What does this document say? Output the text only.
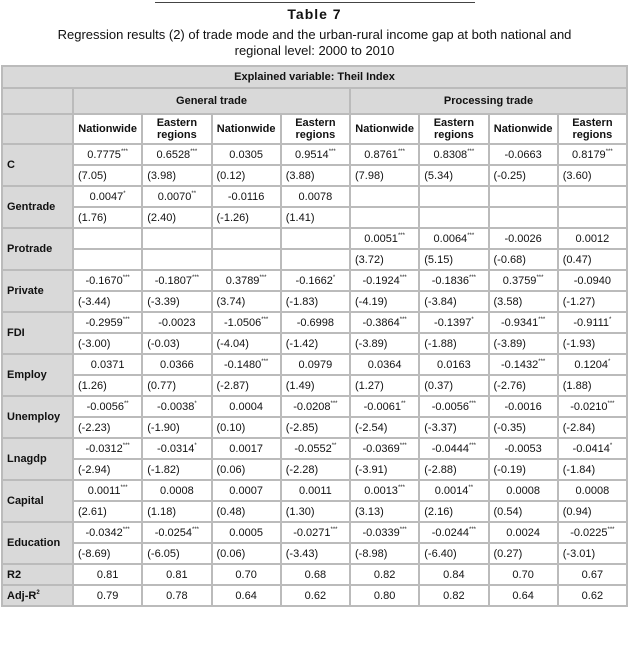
Table 7
Regression results (2) of trade mode and the urban-rural income gap at both national and regional level: 2000 to 2010
Explained variable: Theil Index								
	General trade				Processing trade			
	Nationwide	Eastern regions	Nationwide	Eastern regions	Nationwide	Eastern regions	Nationwide	Eastern regions
C	0.7775***	0.6528***	0.0305	0.9514***	0.8761***	0.8308***	-0.0663	0.8179***
	(7.05)	(3.98)	(0.12)	(3.88)	(7.98)	(5.34)	(-0.25)	(3.60)
Gentrade	0.0047*	0.0070**	-0.0116	0.0078				
	(1.76)	(2.40)	(-1.26)	(1.41)				
Protrade					0.0051***	0.0064***	-0.0026	0.0012
					(3.72)	(5.15)	(-0.68)	(0.47)
Private	-0.1670***	-0.1807***	0.3789***	-0.1662*	-0.1924***	-0.1836***	0.3759***	-0.0940
	(-3.44)	(-3.39)	(3.74)	(-1.83)	(-4.19)	(-3.84)	(3.58)	(-1.27)
FDI	-0.2959***	-0.0023	-1.0506***	-0.6998	-0.3864***	-0.1397*	-0.9341***	-0.9111*
	(-3.00)	(-0.03)	(-4.04)	(-1.42)	(-3.89)	(-1.88)	(-3.89)	(-1.93)
Employ	0.0371	0.0366	-0.1480***	0.0979	0.0364	0.0163	-0.1432***	0.1204*
	(1.26)	(0.77)	(-2.87)	(1.49)	(1.27)	(0.37)	(-2.76)	(1.88)
Unemploy	-0.0056**	-0.0038*	0.0004	-0.0208***	-0.0061**	-0.0056***	-0.0016	-0.0210***
	(-2.23)	(-1.90)	(0.10)	(-2.85)	(-2.54)	(-3.37)	(-0.35)	(-2.84)
Lnagdp	-0.0312***	-0.0314*	0.0017	-0.0552**	-0.0369***	-0.0444***	-0.0053	-0.0414*
	(-2.94)	(-1.82)	(0.06)	(-2.28)	(-3.91)	(-2.88)	(-0.19)	(-1.84)
Capital	0.0011***	0.0008	0.0007	0.0011	0.0013***	0.0014**	0.0008	0.0008
	(2.61)	(1.18)	(0.48)	(1.30)	(3.13)	(2.16)	(0.54)	(0.94)
Education	-0.0342***	-0.0254***	0.0005	-0.0271***	-0.0339***	-0.0244***	0.0024	-0.0225***
	(-8.69)	(-6.05)	(0.06)	(-3.43)	(-8.98)	(-6.40)	(0.27)	(-3.01)
R2	0.81	0.81	0.70	0.68	0.82	0.84	0.70	0.67
Adj-$R^2$	0.79	0.78	0.64	0.62	0.80	0.82	0.64	0.62
